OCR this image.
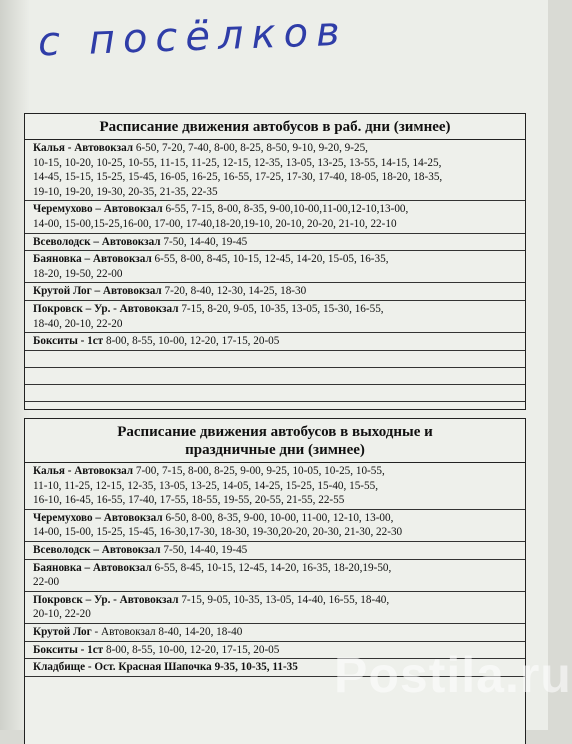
с посёлков
Расписание движения автобусов в раб. дни (зимнее)
Калья - Автовокзал 6-50, 7-20, 7-40, 8-00, 8-25, 8-50, 9-10, 9-20, 9-25,
10-15, 10-20, 10-25, 10-55, 11-15, 11-25, 12-15, 12-35, 13-05, 13-25, 13-55, 14-15, 14-25,
14-45, 15-15, 15-25, 15-45, 16-05, 16-25, 16-55, 17-25, 17-30, 17-40, 18-05, 18-20, 18-35,
19-10, 19-20, 19-30, 20-35, 21-35, 22-35
Черемухово – Автовокзал 6-55, 7-15, 8-00, 8-35, 9-00,10-00,11-00,12-10,13-00,
14-00, 15-00,15-25,16-00, 17-00, 17-40,18-20,19-10, 20-10, 20-20, 21-10, 22-10
Всеволодск – Автовокзал 7-50, 14-40, 19-45
Баяновка – Автовокзал 6-55, 8-00, 8-45, 10-15, 12-45, 14-20, 15-05, 16-35,
18-20, 19-50, 22-00
Крутой Лог – Автовокзал 7-20, 8-40, 12-30, 14-25, 18-30
Покровск – Ур. - Автовокзал 7-15, 8-20, 9-05, 10-35, 13-05, 15-30, 16-55,
18-40, 20-10, 22-20
Бокситы - 1ст 8-00, 8-55, 10-00, 12-20, 17-15, 20-05
Расписание движения автобусов в выходные и
праздничные дни (зимнее)
Калья - Автовокзал 7-00, 7-15, 8-00, 8-25, 9-00, 9-25, 10-05, 10-25, 10-55,
11-10, 11-25, 12-15, 12-35, 13-05, 13-25, 14-05, 14-25, 15-25, 15-40, 15-55,
16-10, 16-45, 16-55, 17-40, 17-55, 18-55, 19-55, 20-55, 21-55, 22-55
Черемухово – Автовокзал 6-50, 8-00, 8-35, 9-00, 10-00, 11-00, 12-10, 13-00,
14-00, 15-00, 15-25, 15-45, 16-30,17-30, 18-30, 19-30,20-20, 20-30, 21-30, 22-30
Всеволодск – Автовокзал 7-50, 14-40, 19-45
Баяновка – Автовокзал 6-55, 8-45, 10-15, 12-45, 14-20, 16-35, 18-20,19-50,
22-00
Покровск – Ур. - Автовокзал 7-15, 9-05, 10-35, 13-05, 14-40, 16-55, 18-40,
20-10, 22-20
Крутой Лог - Автовокзал 8-40, 14-20, 18-40
Бокситы - 1ст 8-00, 8-55, 10-00, 12-20, 17-15, 20-05
Кладбище - Ост. Красная Шапочка 9-35, 10-35, 11-35 Postila.ru
